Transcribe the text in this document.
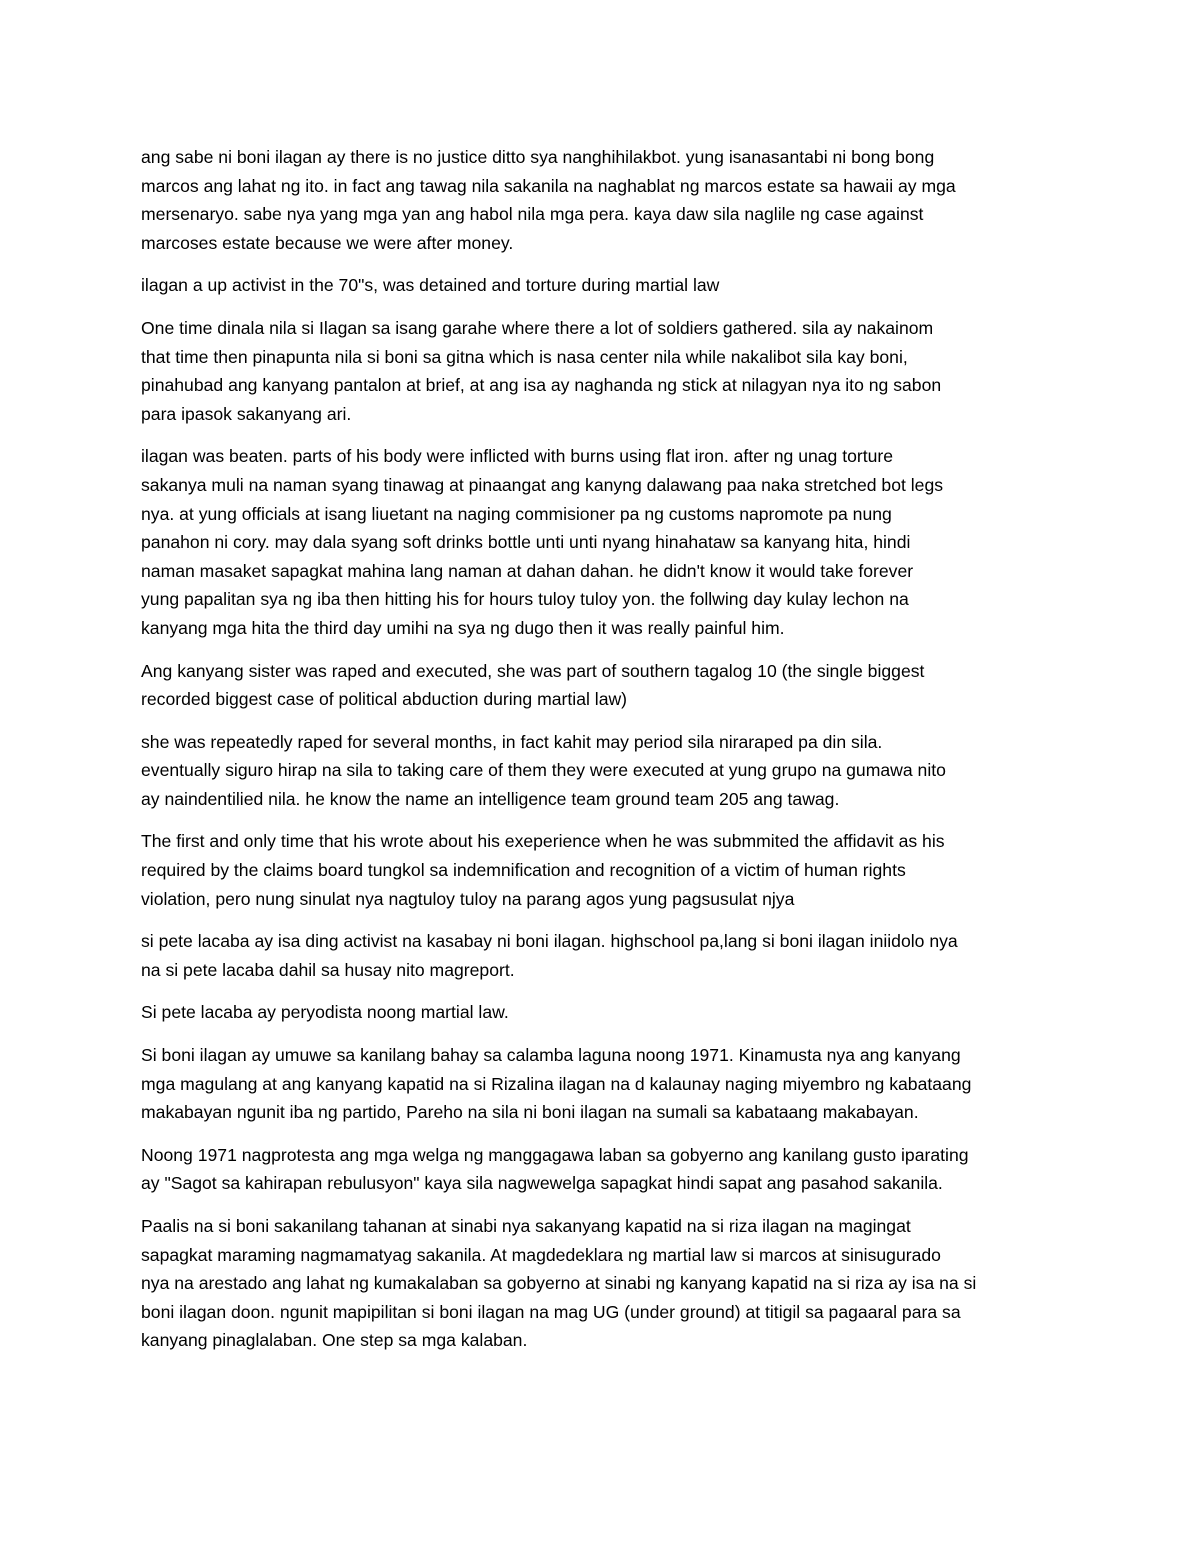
ang sabe ni boni ilagan ay there is no justice ditto sya nanghihilakbot. yung isanasantabi ni bong bong
marcos ang lahat ng ito. in fact ang tawag nila sakanila na naghablat ng marcos estate sa hawaii ay mga
mersenaryo. sabe nya yang mga yan ang habol nila mga pera. kaya daw sila naglile ng case against
marcoses estate because we were after money.

ilagan a up activist in the 70"s, was detained and torture during martial law

One time dinala nila si Ilagan sa isang garahe where there a lot of soldiers gathered. sila ay nakainom
that time then pinapunta nila si boni sa gitna which is nasa center nila while nakalibot sila kay boni,
pinahubad ang kanyang pantalon at brief, at ang isa ay naghanda ng stick at nilagyan nya ito ng sabon
para ipasok sakanyang ari.

ilagan was beaten. parts of his body were inflicted with burns using flat iron. after ng unag torture
sakanya muli na naman syang tinawag at pinaangat ang kanyng dalawang paa naka stretched bot legs
nya. at yung officials at isang liuetant na naging commisioner pa ng customs napromote pa nung
panahon ni cory. may dala syang soft drinks bottle unti unti nyang hinahataw sa kanyang hita, hindi
naman masaket sapagkat mahina lang naman at dahan dahan. he didn't know it would take forever
yung papalitan sya ng iba then hitting his for hours tuloy tuloy yon. the follwing day kulay lechon na
kanyang mga hita the third day umihi na sya ng dugo then it was really painful him.

Ang kanyang sister was raped and executed, she was part of southern tagalog 10 (the single biggest
recorded biggest case of political abduction during martial law)

she was repeatedly raped for several months, in fact kahit may period sila niraraped pa din sila.
eventually siguro hirap na sila to taking care of them they were executed at yung grupo na gumawa nito
ay naindentilied nila. he know the name an intelligence team ground team 205 ang tawag.

The first and only time that his wrote about his exeperience when he was submmited the affidavit as his
required by the claims board tungkol sa indemnification and recognition of a victim of human rights
violation, pero nung sinulat nya nagtuloy tuloy na parang agos yung pagsusulat njya

si pete lacaba ay isa ding activist na kasabay ni boni ilagan. highschool pa,lang si boni ilagan iniidolo nya
na si pete lacaba dahil sa husay nito magreport.

Si pete lacaba ay peryodista noong martial law.

Si boni ilagan ay umuwe sa kanilang bahay sa calamba laguna noong 1971. Kinamusta nya ang kanyang
mga magulang at ang kanyang kapatid na si Rizalina ilagan na d kalaunay naging miyembro ng kabataang
makabayan ngunit iba ng partido, Pareho na sila ni boni ilagan na sumali sa kabataang makabayan.

Noong 1971 nagprotesta ang mga welga ng manggagawa laban sa gobyerno ang kanilang gusto iparating
ay "Sagot sa kahirapan rebulusyon" kaya sila nagwewelga sapagkat hindi sapat ang pasahod sakanila.

Paalis na si boni sakanilang tahanan at sinabi nya sakanyang kapatid na si riza ilagan na magingat
sapagkat maraming nagmamatyag sakanila. At magdedeklara ng martial law si marcos at sinisugurado
nya na arestado ang lahat ng kumakalaban sa gobyerno at sinabi ng kanyang kapatid na si riza ay isa na si
boni ilagan doon. ngunit mapipilitan si boni ilagan na mag UG (under ground) at titigil sa pagaaral para sa
kanyang pinaglalaban. One step sa mga kalaban.
